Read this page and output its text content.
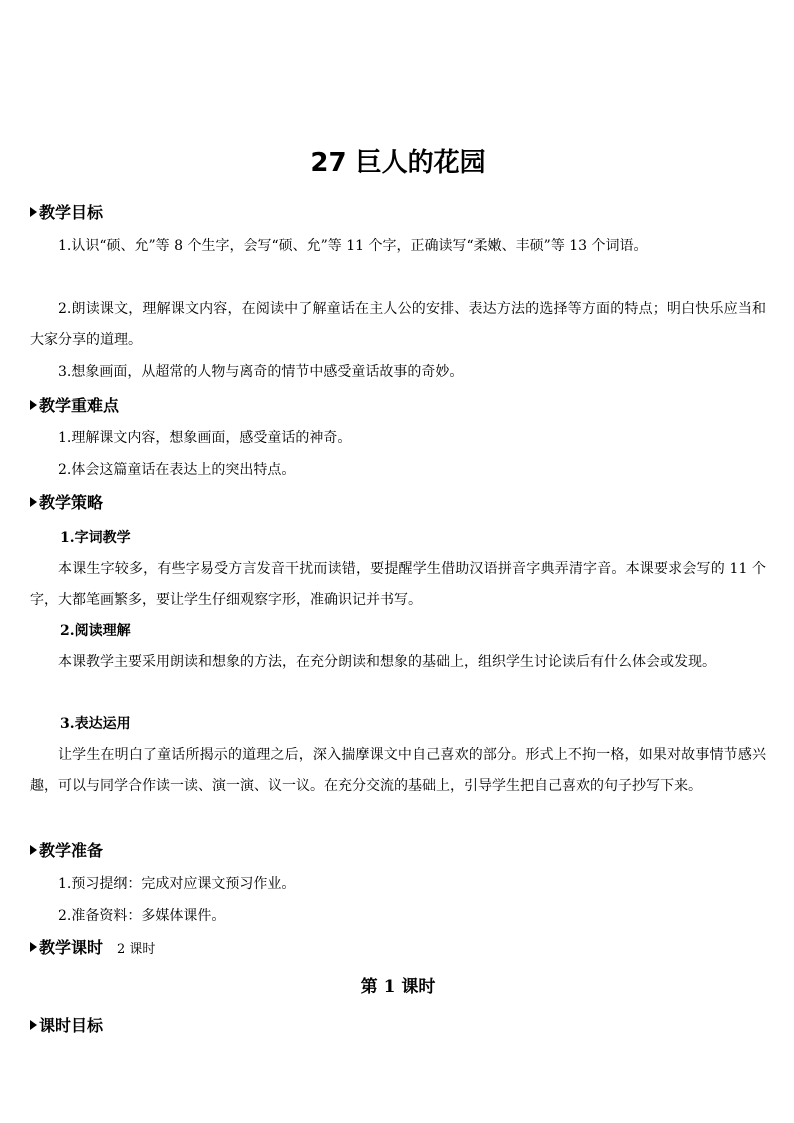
27 巨人的花园
教学目标

1.认识“硕、允”等 8 个生字，会写“硕、允”等 11 个字，正确读写“柔嫩、丰硕”等 13 个词语。

2.朗读课文，理解课文内容，在阅读中了解童话在主人公的安排、表达方法的选择等方面的特点；明白快乐应当和大家分享的道理。

3.想象画面，从超常的人物与离奇的情节中感受童话故事的奇妙。

教学重难点

1.理解课文内容，想象画面，感受童话的神奇。

2.体会这篇童话在表达上的突出特点。

教学策略
1.字词教学

本课生字较多，有些字易受方言发音干扰而读错，要提醒学生借助汉语拼音字典弄清字音。本课要求会写的 11 个字，大都笔画繁多，要让学生仔细观察字形，准确识记并书写。

2.阅读理解

本课教学主要采用朗读和想象的方法，在充分朗读和想象的基础上，组织学生讨论读后有什么体会或发现。

3.表达运用

让学生在明白了童话所揭示的道理之后，深入揣摩课文中自己喜欢的部分。形式上不拘一格，如果对故事情节感兴趣，可以与同学合作读一读、演一演、议一议。在充分交流的基础上，引导学生把自己喜欢的句子抄写下来。

教学准备

1.预习提纲：完成对应课文预习作业。

2.准备资料：多媒体课件。

教学课时 2 课时
第 1 课时
课时目标
